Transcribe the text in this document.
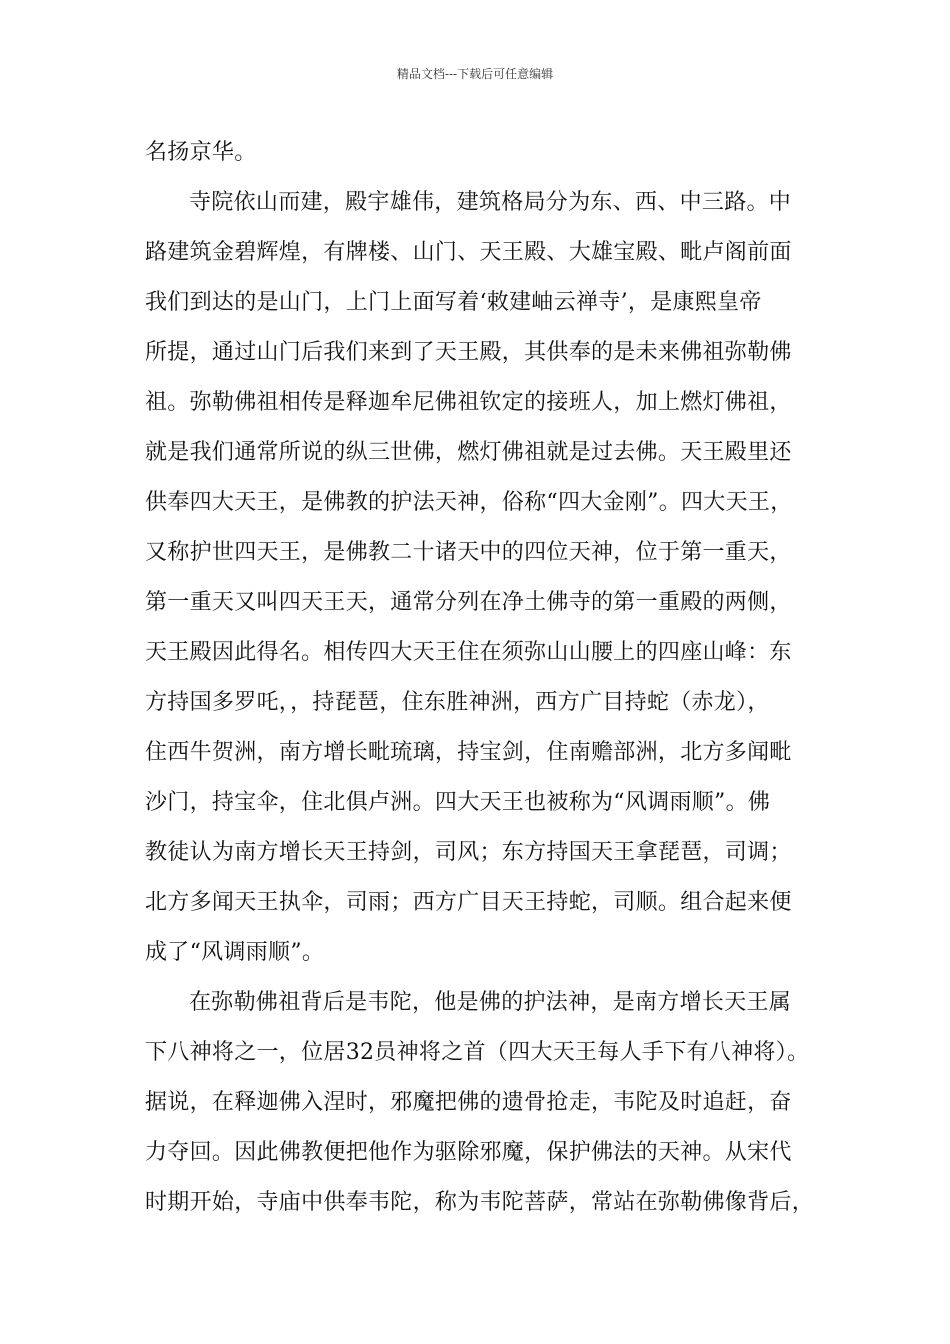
精品文档---下载后可任意编辑
名扬京华。
寺院依山而建，殿宇雄伟，建筑格局分为东、西、中三路。中
路建筑金碧辉煌，有牌楼、山门、天王殿、大雄宝殿、毗卢阁前面
我们到达的是山门，上门上面写着‘敕建岫云禅寺’，是康熙皇帝
所提，通过山门后我们来到了天王殿，其供奉的是未来佛祖弥勒佛
祖。弥勒佛祖相传是释迦牟尼佛祖钦定的接班人，加上燃灯佛祖，
就是我们通常所说的纵三世佛，燃灯佛祖就是过去佛。天王殿里还
供奉四大天王，是佛教的护法天神，俗称“四大金刚”。四大天王，
又称护世四天王，是佛教二十诸天中的四位天神，位于第一重天，
第一重天又叫四天王天，通常分列在净土佛寺的第一重殿的两侧，
天王殿因此得名。相传四大天王住在须弥山山腰上的四座山峰：东
方持国多罗吒，，持琵琶，住东胜神洲，西方广目持蛇（赤龙），
住西牛贺洲，南方增长毗琉璃，持宝剑，住南赡部洲，北方多闻毗
沙门，持宝伞，住北俱卢洲。四大天王也被称为“风调雨顺”。佛
教徒认为南方增长天王持剑，司风；东方持国天王拿琵琶，司调；
北方多闻天王执伞，司雨；西方广目天王持蛇，司顺。组合起来便
成了“风调雨顺”。
在弥勒佛祖背后是韦陀，他是佛的护法神，是南方增长天王属
下八神将之一，位居32员神将之首（四大天王每人手下有八神将）。
据说，在释迦佛入涅时，邪魔把佛的遗骨抢走，韦陀及时追赶，奋
力夺回。因此佛教便把他作为驱除邪魔，保护佛法的天神。从宋代
时期开始，寺庙中供奉韦陀，称为韦陀菩萨，常站在弥勒佛像背后，
